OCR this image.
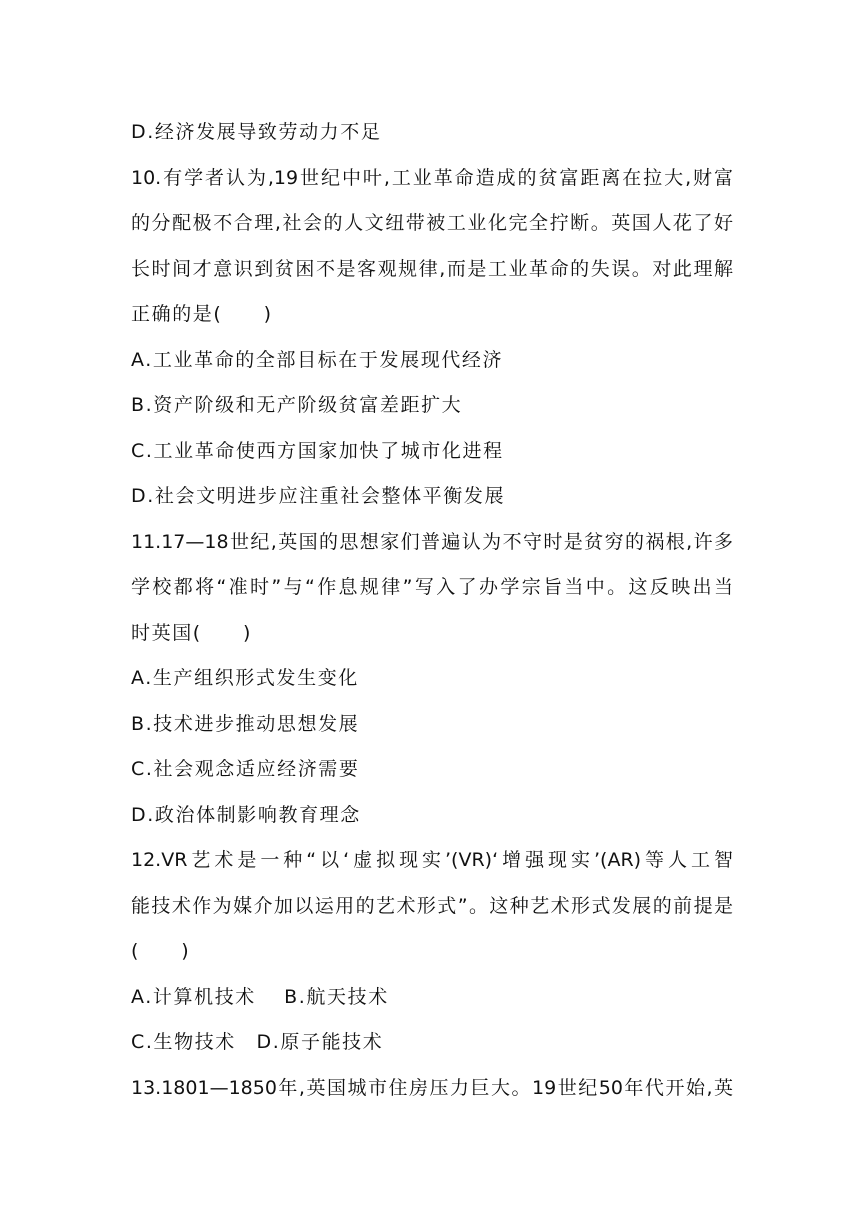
D.经济发展导致劳动力不足
10.有学者认为,19世纪中叶,工业革命造成的贫富距离在拉大,财富
的分配极不合理,社会的人文纽带被工业化完全拧断。英国人花了好
长时间才意识到贫困不是客观规律,而是工业革命的失误。对此理解
正确的是(　　)
A.工业革命的全部目标在于发展现代经济
B.资产阶级和无产阶级贫富差距扩大
C.工业革命使西方国家加快了城市化进程
D.社会文明进步应注重社会整体平衡发展
11.17—18世纪,英国的思想家们普遍认为不守时是贫穷的祸根,许多
学校都将“准时”与“作息规律”写入了办学宗旨当中。这反映出当
时英国(　　)
A.生产组织形式发生变化
B.技术进步推动思想发展
C.社会观念适应经济需要
D.政治体制影响教育理念
12.VR艺术是一种“以‘虚拟现实’(VR)‘增强现实’(AR)等人工智
能技术作为媒介加以运用的艺术形式”。这种艺术形式发展的前提是
(　　)
A.计算机技术　 B.航天技术
C.生物技术　D.原子能技术
13.1801—1850年,英国城市住房压力巨大。19世纪50年代开始,英
